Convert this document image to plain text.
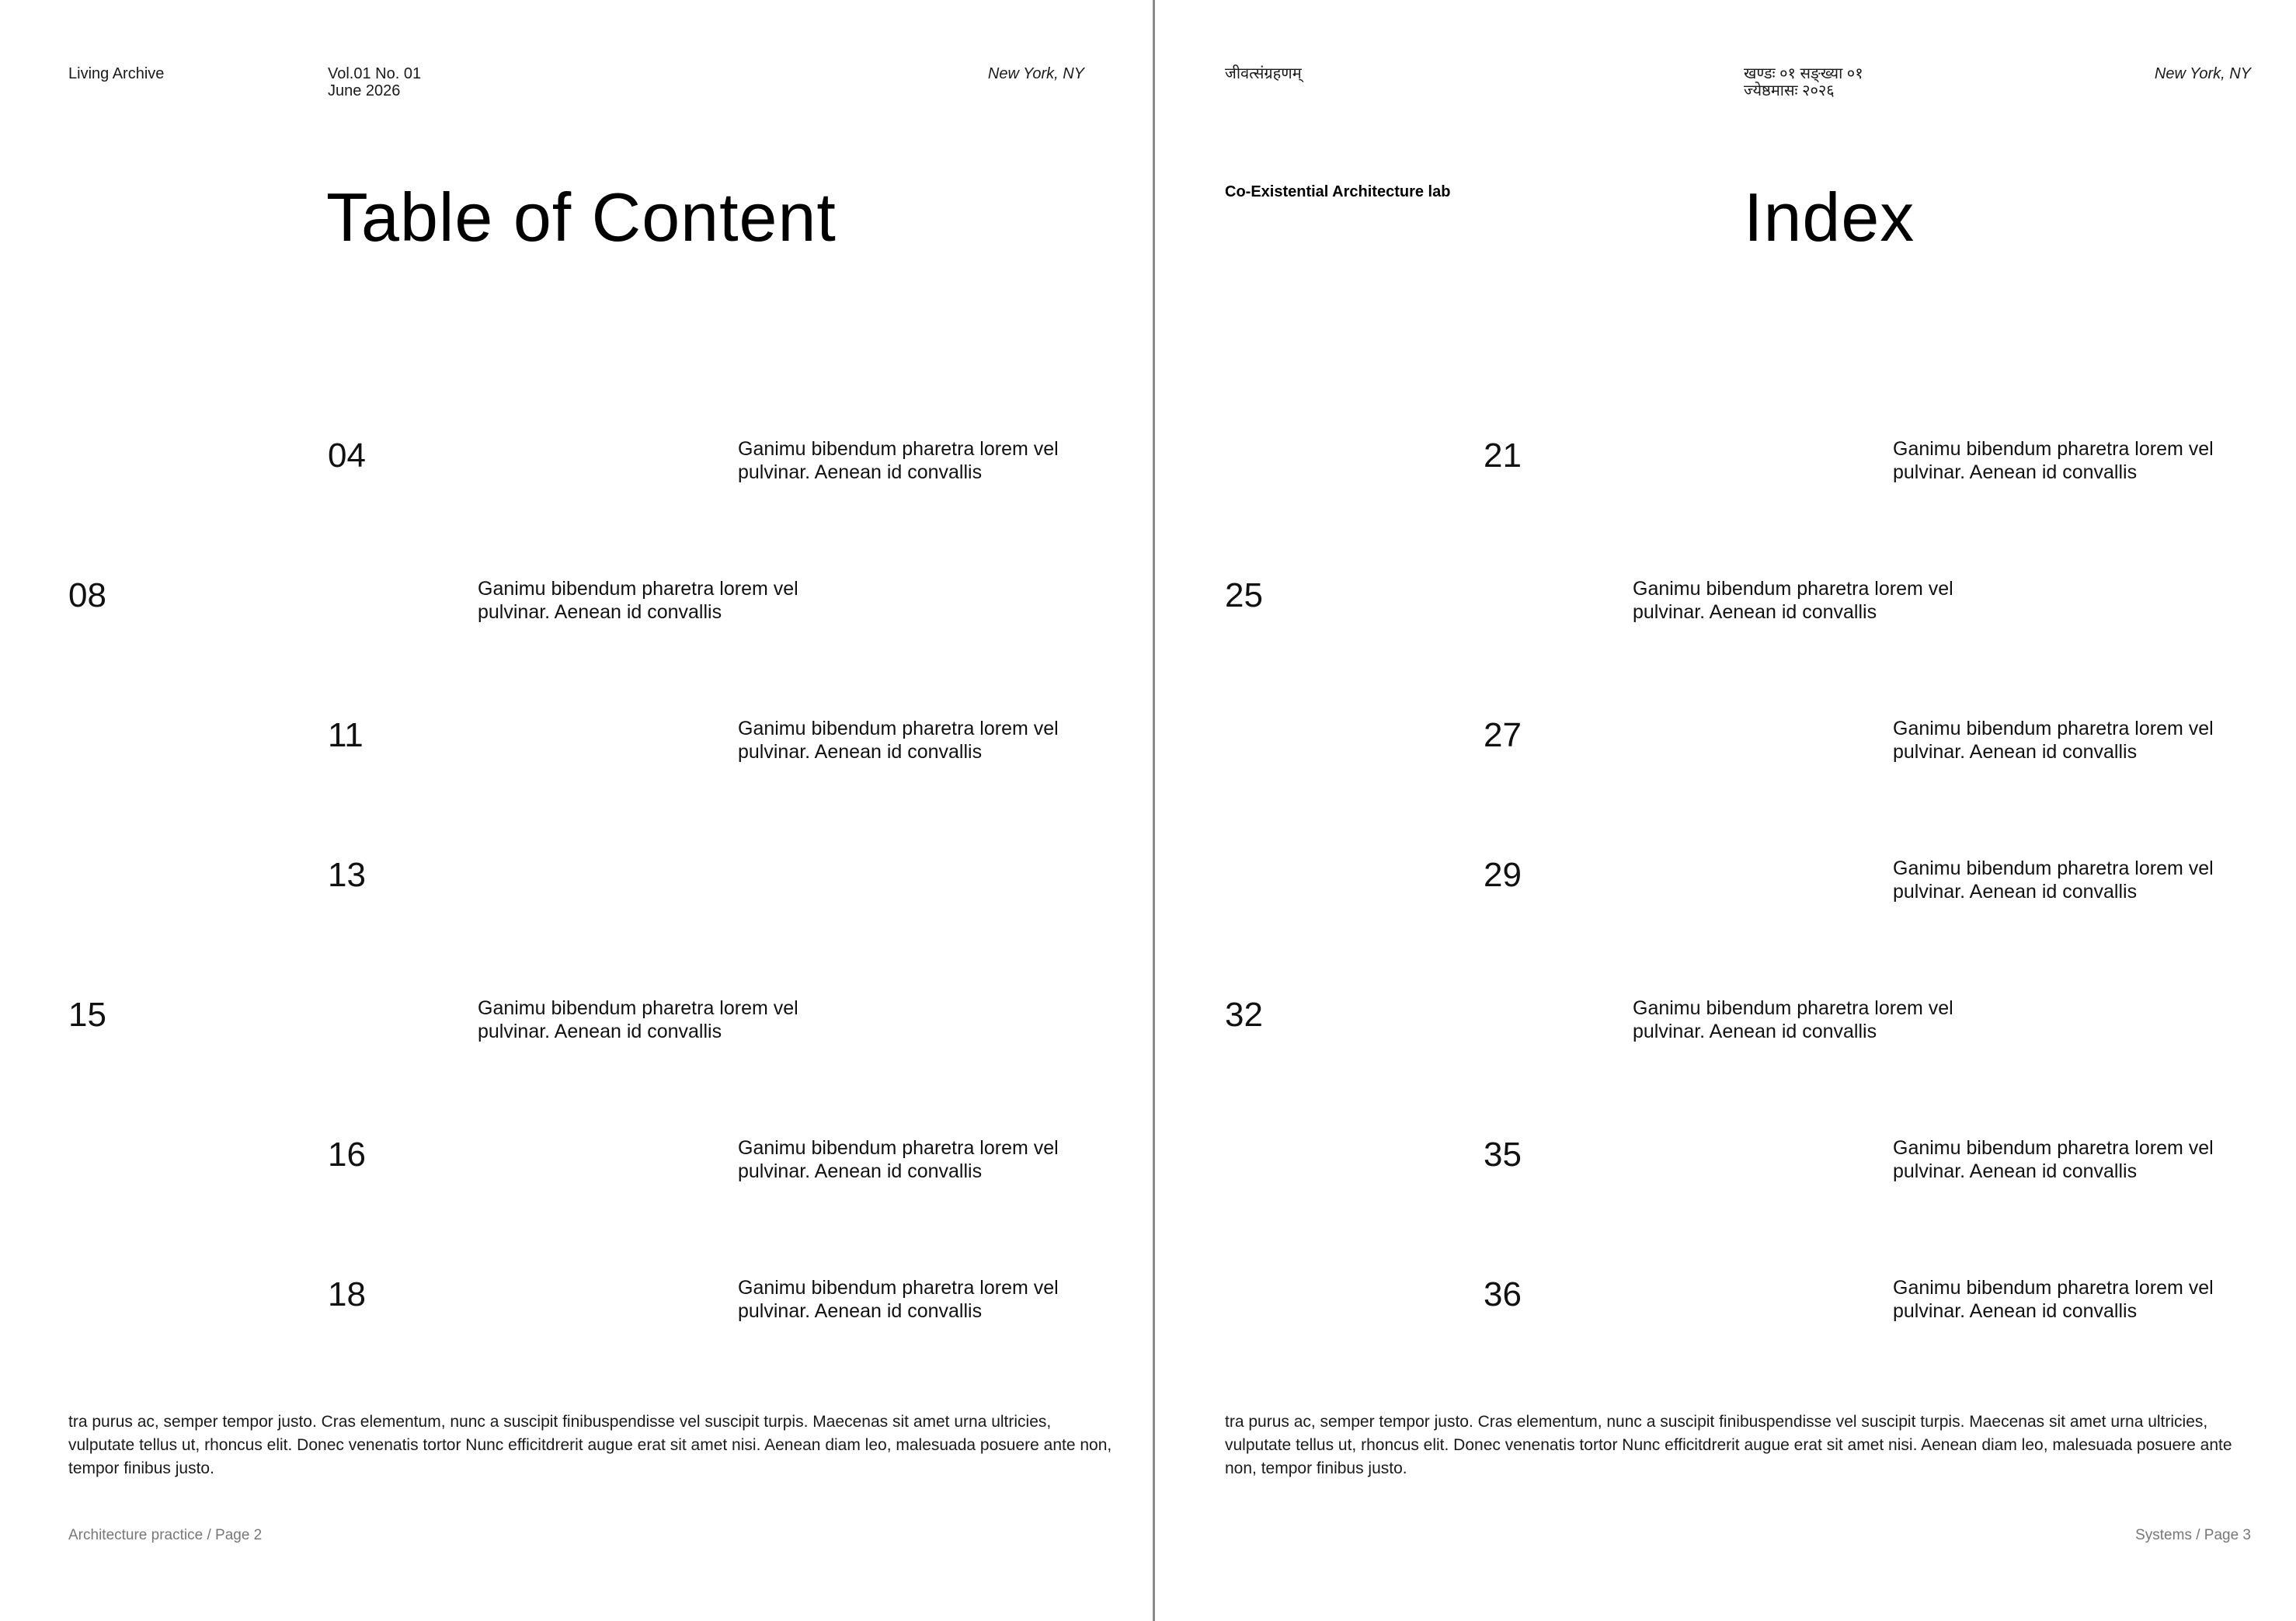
Living Archive	Vol.01 No. 01
June 2026
New York, NY
Table of Content
04	Ganimu bibendum pharetra lorem vel pulvinar. Aenean id convallis
08	Ganimu bibendum pharetra lorem vel pulvinar. Aenean id convallis
11	Ganimu bibendum pharetra lorem vel pulvinar. Aenean id convallis
13
15	Ganimu bibendum pharetra lorem vel pulvinar. Aenean id convallis
16	Ganimu bibendum pharetra lorem vel pulvinar. Aenean id convallis
18	Ganimu bibendum pharetra lorem vel pulvinar. Aenean id convallis
tra purus ac, semper tempor justo. Cras elementum, nunc a suscipit finibuspendisse vel suscipit turpis. Maecenas sit amet urna ultricies, vulputate tellus ut, rhoncus elit. Donec venenatis tortor Nunc efficitdrerit augue erat sit amet nisi. Aenean diam leo, malesuada posuere ante non, tempor finibus justo.
Architecture practice / Page 2
जीवत्संग्रहणम्	खण्डः ०१ सङ्ख्या ०१
ज्येष्ठमासः २०२६
New York, NY
Co-Existential Architecture lab	Index
21	Ganimu bibendum pharetra lorem vel pulvinar. Aenean id convallis
25	Ganimu bibendum pharetra lorem vel pulvinar. Aenean id convallis
27	Ganimu bibendum pharetra lorem vel pulvinar. Aenean id convallis
29	Ganimu bibendum pharetra lorem vel pulvinar. Aenean id convallis
32	Ganimu bibendum pharetra lorem vel pulvinar. Aenean id convallis
35	Ganimu bibendum pharetra lorem vel pulvinar. Aenean id convallis
36	Ganimu bibendum pharetra lorem vel pulvinar. Aenean id convallis
tra purus ac, semper tempor justo. Cras elementum, nunc a suscipit finibuspendisse vel suscipit turpis. Maecenas sit amet urna ultricies, vulputate tellus ut, rhoncus elit. Donec venenatis tortor Nunc efficitdrerit augue erat sit amet nisi. Aenean diam leo, malesuada posuere ante non, tempor finibus justo.
Systems / Page 3
